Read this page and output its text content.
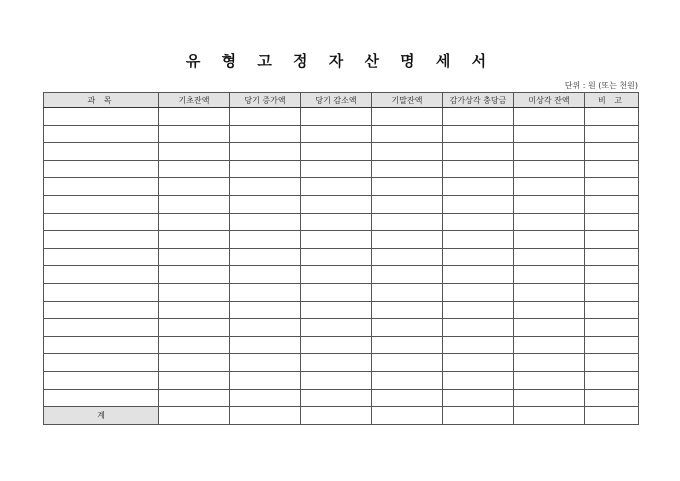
유 형 고 정 자 산 명 세 서
단위 : 원 (또는 천원)
과 목	기초잔액	당기 증가액	당기 감소액	기말잔액	감가상각 충당금	미상각 잔액	비 고

계							
